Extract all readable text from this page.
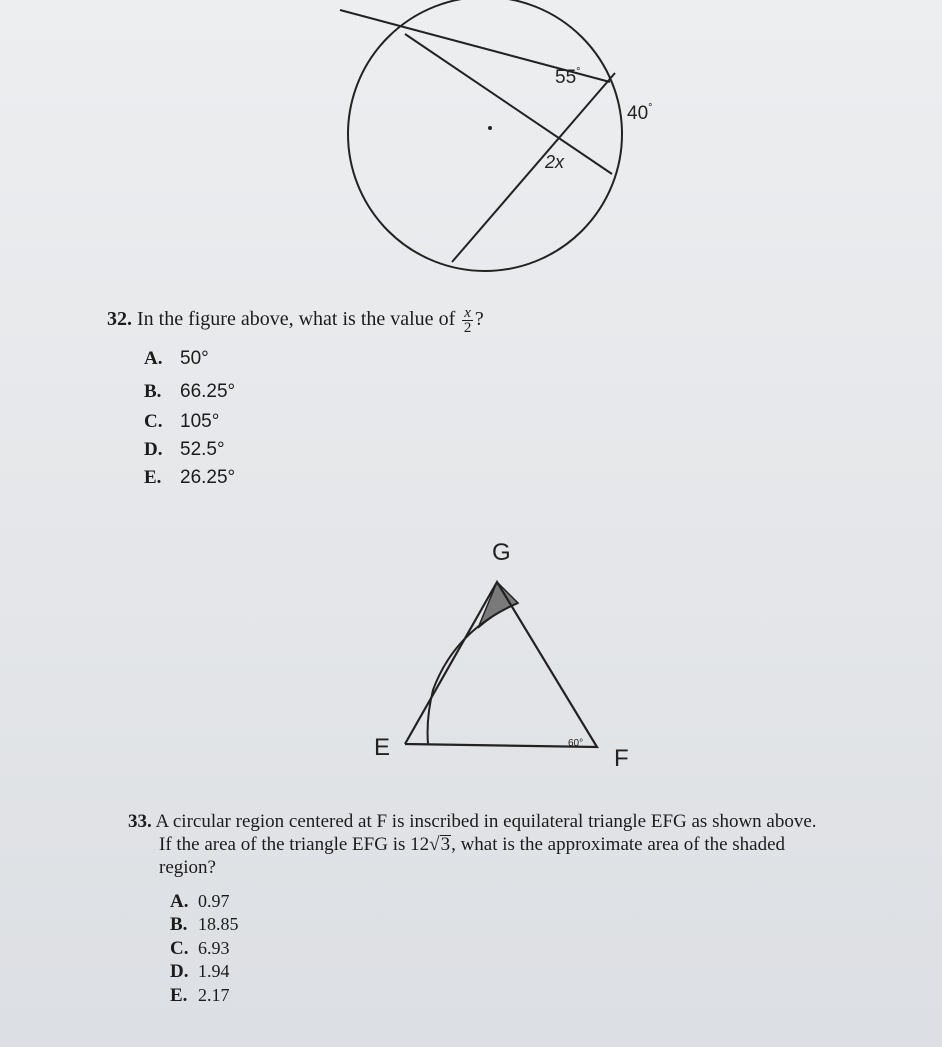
55°
40°
2x
32. In the figure above, what is the value of $\frac{x}{2}$ ?
A. 50°
B. 66.25°
C. 105°
D. 52.5°
E. 26.25°
G
E	F
60°
33. A circular region centered at F is inscribed in equilateral triangle EFG as shown above.
If the area of the triangle EFG is 12√3, what is the approximate area of the shaded
region?
A. 0.97
B. 18.85
C. 6.93
D. 1.94
E. 2.17
